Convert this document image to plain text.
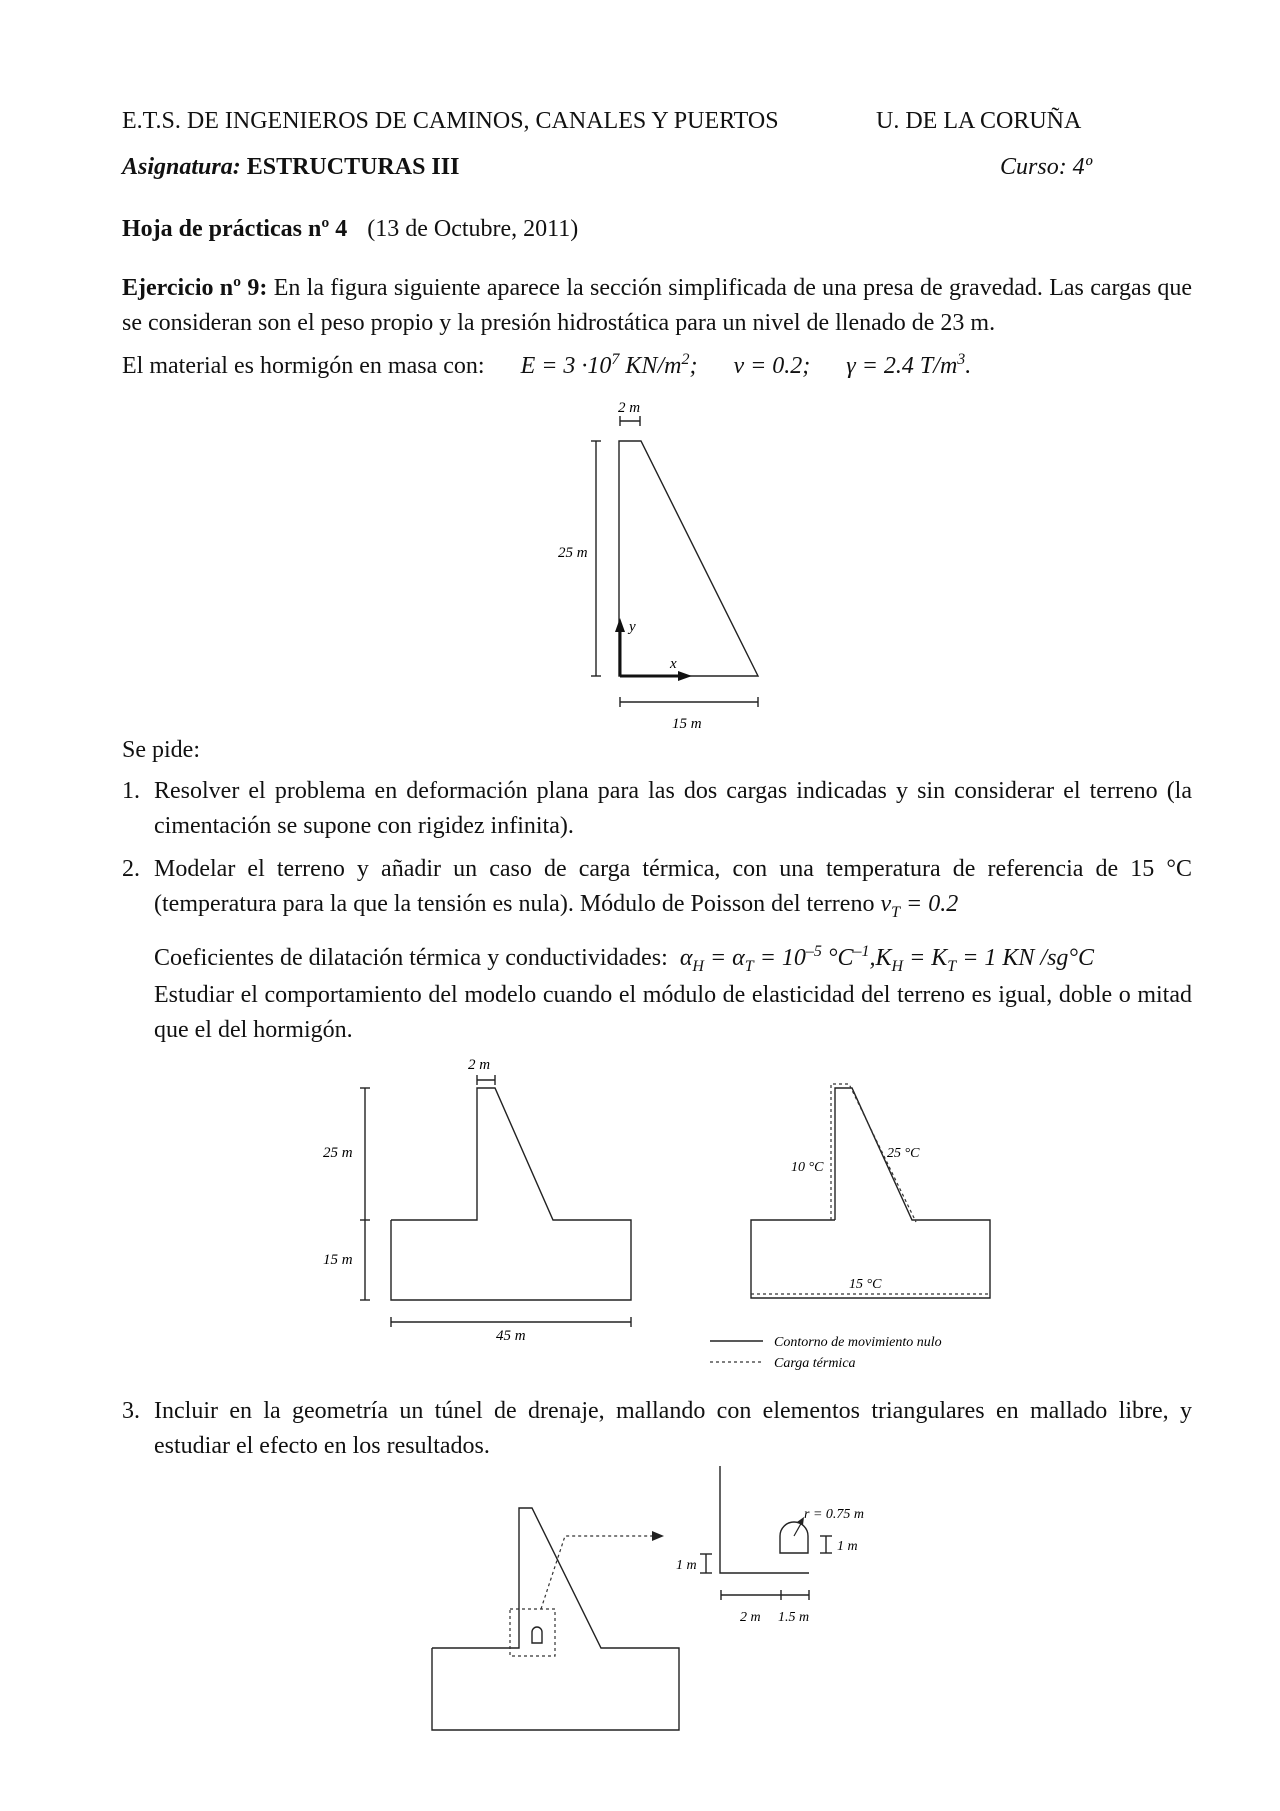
E.T.S. DE INGENIEROS DE CAMINOS, CANALES Y PUERTOS	U. DE LA CORUÑA
Asignatura: ESTRUCTURAS III	Curso: 4º
Hoja de prácticas nº 4 (13 de Octubre, 2011)
Ejercicio nº 9: En la figura siguiente aparece la sección simplificada de una presa de gravedad. Las cargas que se consideran son el peso propio y la presión hidrostática para un nivel de llenado de 23 m.
El material es hormigón en masa con: $E = 3 \cdot 10^7$ $KN/m^2$; ν = 0.2; γ = 2.4 $T/m^3$.
2 m
25 m
15 m
y
x
Se pide:
1. Resolver el problema en deformación plana para las dos cargas indicadas y sin considerar el terreno (la cimentación se supone con rigidez infinita).
2. Modelar el terreno y añadir un caso de carga térmica, con una temperatura de referencia de 15 °C (temperatura para la que la tensión es nula). Módulo de Poisson del terreno $\nu_T = 0.2$
Coeficientes de dilatación térmica y conductividades: $\alpha_H = \alpha_T = 10^{-5}$ $^\circ C^{-1},K_H = K_T = 1$ KN /sg°C
Estudiar el comportamiento del modelo cuando el módulo de elasticidad del terreno es igual, doble o mitad que el del hormigón.
Contorno de movimiento nulo
Carga térmica
2 m
25 m
15 m
45 m
10 °C
25 °C
15 °C
3. Incluir en la geometría un túnel de drenaje, mallando con elementos triangulares en mallado libre, y estudiar el efecto en los resultados.
r = 0.75 m
1 m
1 m
2 m 1.5 m
